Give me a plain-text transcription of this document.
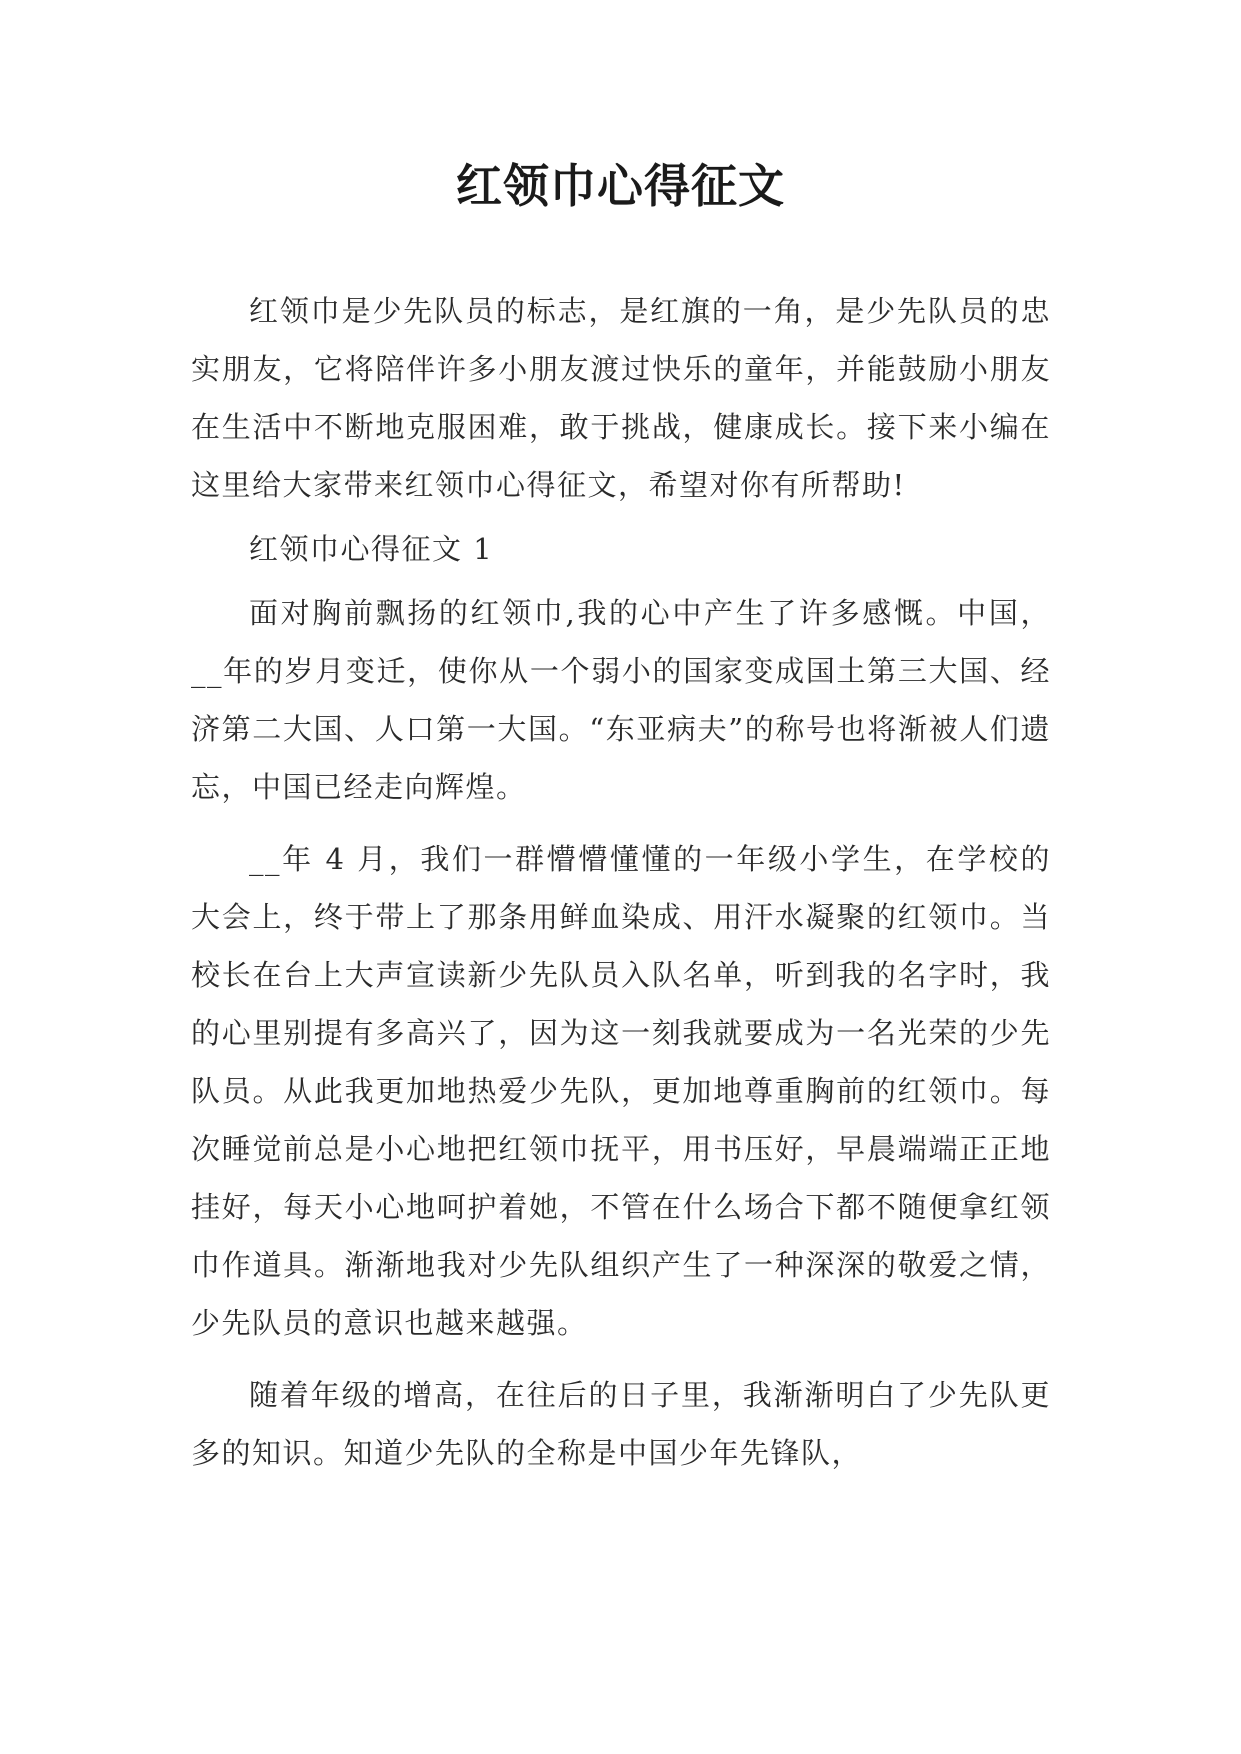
红领巾心得征文

红领巾是少先队员的标志，是红旗的一角，是少先队员的忠实朋友，它将陪伴许多小朋友渡过快乐的童年，并能鼓励小朋友在生活中不断地克服困难，敢于挑战，健康成长。接下来小编在这里给大家带来红领巾心得征文，希望对你有所帮助!

红领巾心得征文 1

面对胸前飘扬的红领巾,我的心中产生了许多感慨。中国，__年的岁月变迁，使你从一个弱小的国家变成国土第三大国、经济第二大国、人口第一大国。“东亚病夫”的称号也将渐被人们遗忘，中国已经走向辉煌。

__年 4 月，我们一群懵懵懂懂的一年级小学生，在学校的大会上，终于带上了那条用鲜血染成、用汗水凝聚的红领巾。当校长在台上大声宣读新少先队员入队名单，听到我的名字时，我的心里别提有多高兴了，因为这一刻我就要成为一名光荣的少先队员。从此我更加地热爱少先队，更加地尊重胸前的红领巾。每次睡觉前总是小心地把红领巾抚平，用书压好，早晨端端正正地挂好，每天小心地呵护着她，不管在什么场合下都不随便拿红领巾作道具。渐渐地我对少先队组织产生了一种深深的敬爱之情，少先队员的意识也越来越强。

随着年级的增高，在往后的日子里，我渐渐明白了少先队更多的知识。知道少先队的全称是中国少年先锋队，
